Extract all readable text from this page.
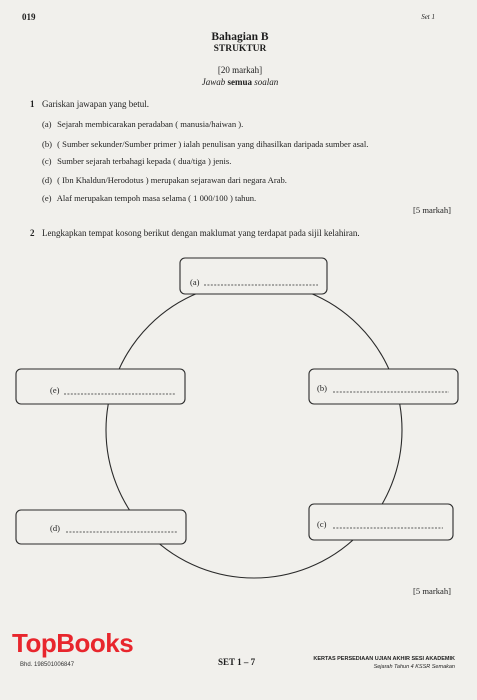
019	Set 1
Bahagian B
STRUKTUR
[20 markah]
Jawab semua soalan
1 Gariskan jawapan yang betul.
(a) Sejarah membicarakan peradaban ( manusia/haiwan ).
(b) ( Sumber sekunder/Sumber primer ) ialah penulisan yang dihasilkan daripada sumber asal.
(c) Sumber sejarah terbahagi kepada ( dua/tiga ) jenis.
(d) ( Ibn Khaldun/Herodotus ) merupakan sejarawan dari negara Arab.
(e) Alaf merupakan tempoh masa selama ( 1 000/100 ) tahun.
[5 markah]
2 Lengkapkan tempat kosong berikut dengan maklumat yang terdapat pada sijil kelahiran.
(a)
(e)	(b)
(d)	(c)
[5 markah]
TopBooks
Bhd. 198501006847	SET 1 – 7	KERTAS PERSEDIAAN UJIAN AKHIR SESI AKADEMIK
Sejarah Tahun 4 KSSR Semakan
